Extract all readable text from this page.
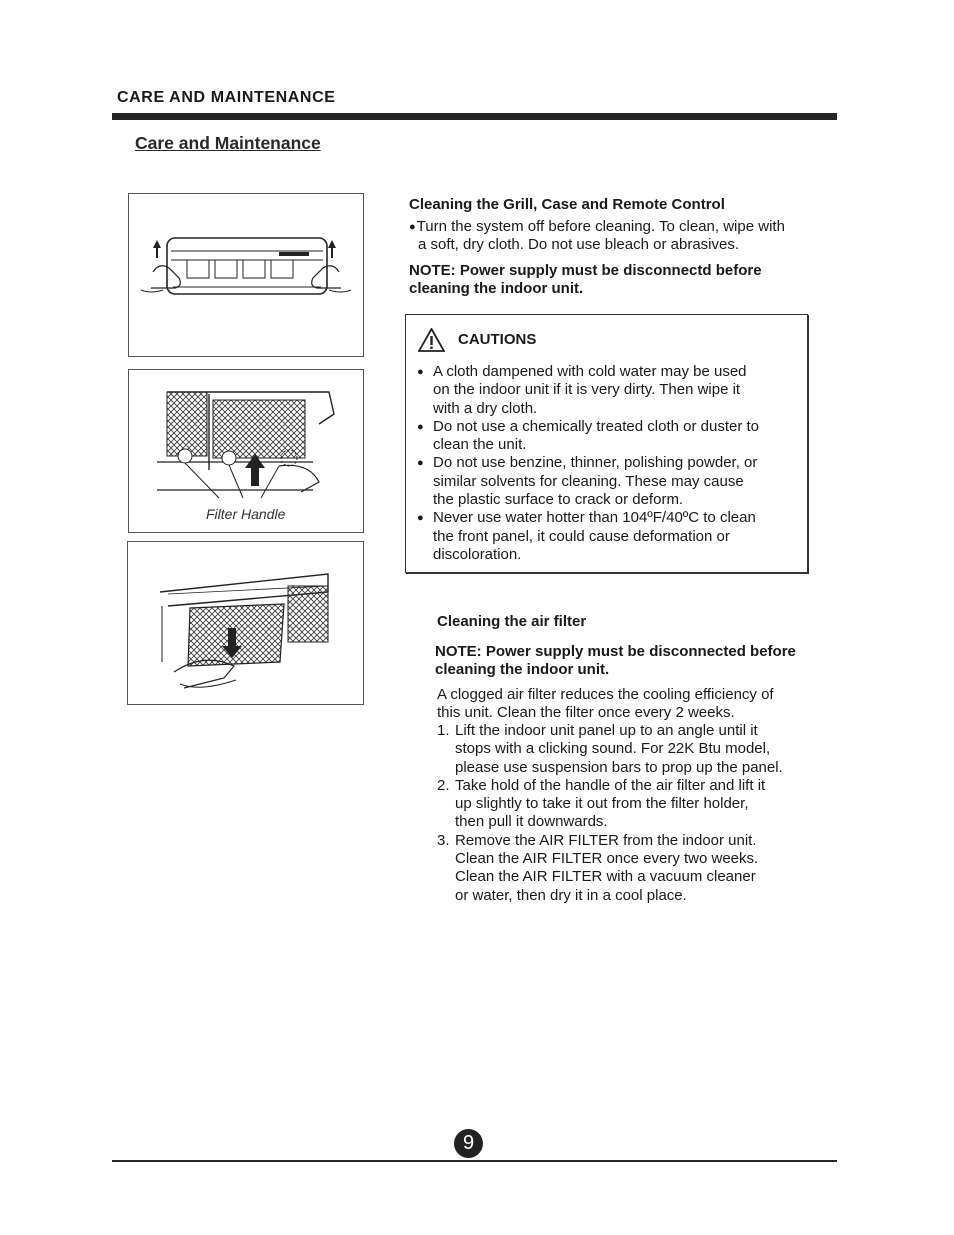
CARE AND MAINTENANCE
Care and Maintenance
Filter Handle
Cleaning the Grill, Case and Remote Control
● Turn the system off before cleaning. To clean, wipe with
a soft, dry cloth. Do not use bleach or abrasives.
NOTE: Power supply must be disconnectd before
cleaning the indoor unit.
CAUTIONS
● A cloth dampened with cold water may be used
on the indoor unit if it is very dirty. Then wipe it
with a dry cloth.
● Do not use a chemically treated cloth or duster to
clean the unit.
● Do not use benzine, thinner, polishing powder, or
similar solvents for cleaning. These may cause
the plastic surface to crack or deform.
● Never use water hotter than 104ºF/40ºC to clean
the front panel, it could cause deformation or
discoloration.
Cleaning the air filter
NOTE: Power supply must be disconnected before
cleaning the indoor unit.
A clogged air filter reduces the cooling efficiency of
this unit. Clean the filter once every 2 weeks.
1. Lift the indoor unit panel up to an angle until it
stops with a clicking sound. For 22K Btu model,
please use suspension bars to prop up the panel.
2. Take hold of the handle of the air filter and lift it
up slightly to take it out from the filter holder,
then pull it downwards.
3. Remove the AIR FILTER from the indoor unit.
Clean the AIR FILTER once every two weeks.
Clean the AIR FILTER with a vacuum cleaner
or water, then dry it in a cool place.
9
